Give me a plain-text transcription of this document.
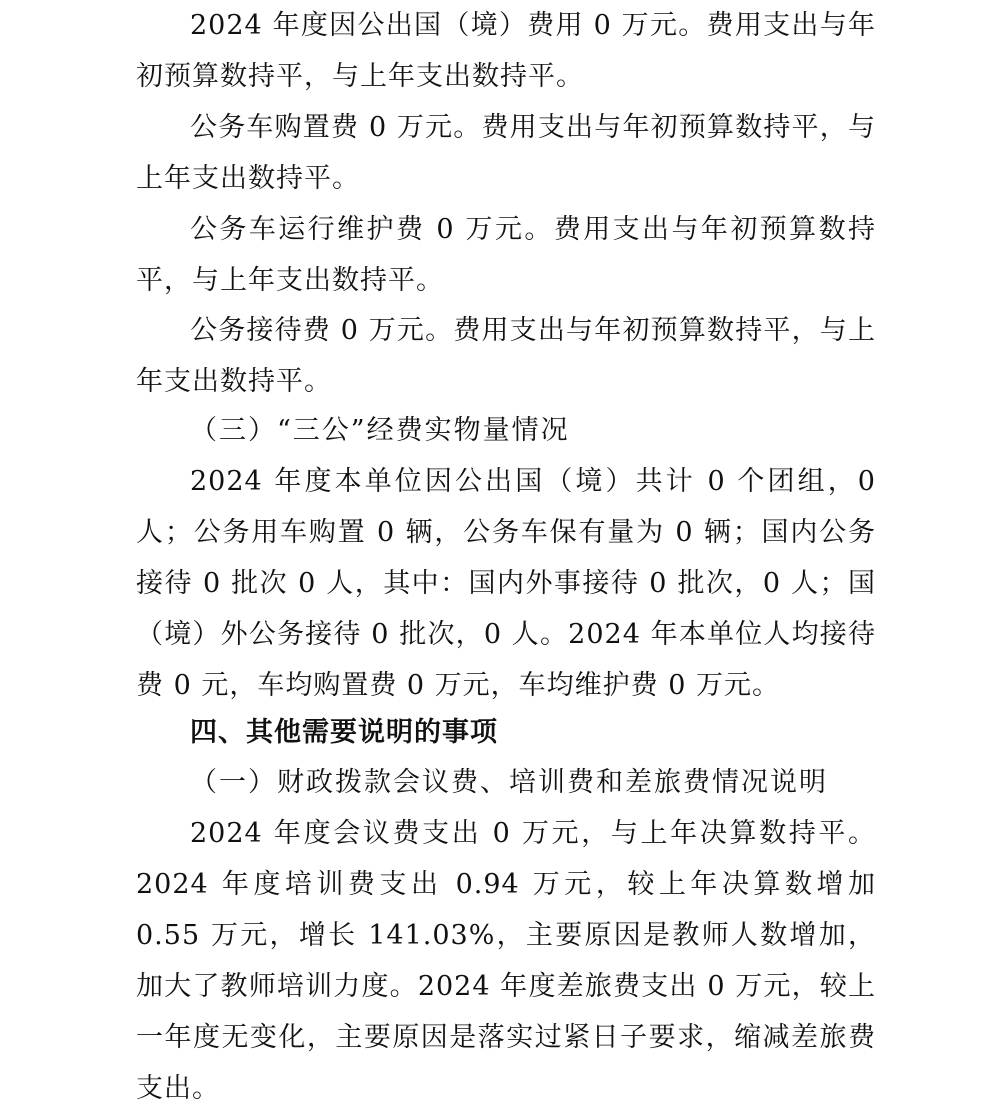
2024 年度因公出国（境）费用 0 万元。费用支出与年初预算数持平，与上年支出数持平。

公务车购置费 0 万元。费用支出与年初预算数持平，与上年支出数持平。

公务车运行维护费 0 万元。费用支出与年初预算数持平，与上年支出数持平。

公务接待费 0 万元。费用支出与年初预算数持平，与上年支出数持平。

（三）“三公”经费实物量情况

2024 年度本单位因公出国（境）共计 0 个团组，0 人；公务用车购置 0 辆，公务车保有量为 0 辆；国内公务接待 0 批次 0 人，其中：国内外事接待 0 批次，0 人；国（境）外公务接待 0 批次，0 人。2024 年本单位人均接待费 0 元，车均购置费 0 万元，车均维护费 0 万元。

四、其他需要说明的事项

（一）财政拨款会议费、培训费和差旅费情况说明

2024 年度会议费支出 0 万元，与上年决算数持平。2024 年度培训费支出 0.94 万元，较上年决算数增加 0.55 万元，增长 141.03%，主要原因是教师人数增加，加大了教师培训力度。2024 年度差旅费支出 0 万元，较上一年度无变化，主要原因是落实过紧日子要求，缩减差旅费支出。
